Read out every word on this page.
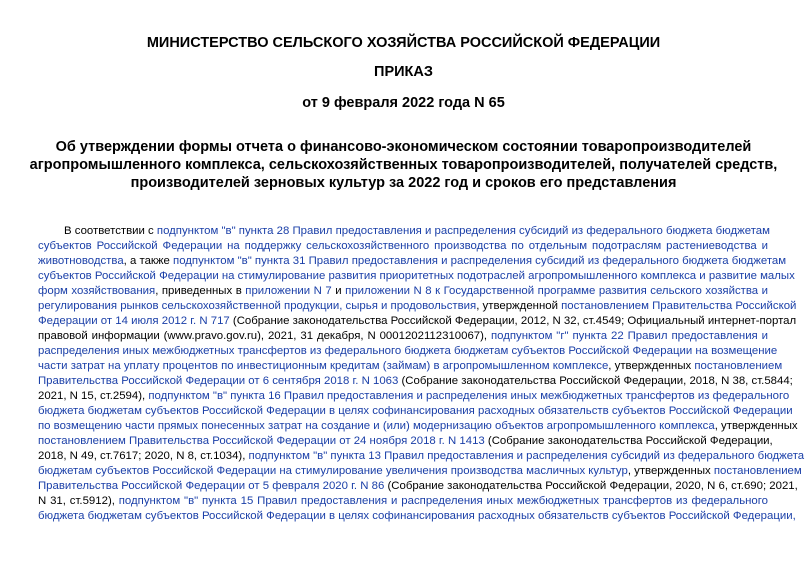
МИНИСТЕРСТВО СЕЛЬСКОГО ХОЗЯЙСТВА РОССИЙСКОЙ ФЕДЕРАЦИИ
ПРИКАЗ
от 9 февраля 2022 года N 65
Об утверждении формы отчета о финансово-экономическом состоянии товаропроизводителей
агропромышленного комплекса, сельскохозяйственных товаропроизводителей, получателей средств,
производителей зерновых культур за 2022 год и сроков его представления
В соответствии с подпунктом "в" пункта 28 Правил предоставления и распределения субсидий из федерального бюджета бюджетам
субъектов Российской Федерации на поддержку сельскохозяйственного производства по отдельным подотраслям растениеводства и
животноводства, а также подпунктом "в" пункта 31 Правил предоставления и распределения субсидий из федерального бюджета бюджетам
субъектов Российской Федерации на стимулирование развития приоритетных подотраслей агропромышленного комплекса и развитие малых
форм хозяйствования, приведенных в приложении N 7 и приложении N 8 к Государственной программе развития сельского хозяйства и
регулирования рынков сельскохозяйственной продукции, сырья и продовольствия, утвержденной постановлением Правительства Российской
Федерации от 14 июля 2012 г. N 717 (Собрание законодательства Российской Федерации, 2012, N 32, ст.4549; Официальный интернет-портал
правовой информации (www.pravo.gov.ru), 2021, 31 декабря, N 0001202112310067), подпунктом "г" пункта 22 Правил предоставления и
распределения иных межбюджетных трансфертов из федерального бюджета бюджетам субъектов Российской Федерации на возмещение
части затрат на уплату процентов по инвестиционным кредитам (займам) в агропромышленном комплексе, утвержденных постановлением
Правительства Российской Федерации от 6 сентября 2018 г. N 1063 (Собрание законодательства Российской Федерации, 2018, N 38, ст.5844;
2021, N 15, ст.2594), подпунктом "в" пункта 16 Правил предоставления и распределения иных межбюджетных трансфертов из федерального
бюджета бюджетам субъектов Российской Федерации в целях софинансирования расходных обязательств субъектов Российской Федерации
по возмещению части прямых понесенных затрат на создание и (или) модернизацию объектов агропромышленного комплекса, утвержденных
постановлением Правительства Российской Федерации от 24 ноября 2018 г. N 1413 (Собрание законодательства Российской Федерации,
2018, N 49, ст.7617; 2020, N 8, ст.1034), подпунктом "в" пункта 13 Правил предоставления и распределения субсидий из федерального бюджета
бюджетам субъектов Российской Федерации на стимулирование увеличения производства масличных культур, утвержденных постановлением
Правительства Российской Федерации от 5 февраля 2020 г. N 86 (Собрание законодательства Российской Федерации, 2020, N 6, ст.690; 2021,
N 31, ст.5912), подпунктом "в" пункта 15 Правил предоставления и распределения иных межбюджетных трансфертов из федерального
бюджета бюджетам субъектов Российской Федерации в целях софинансирования расходных обязательств субъектов Российской Федерации,
